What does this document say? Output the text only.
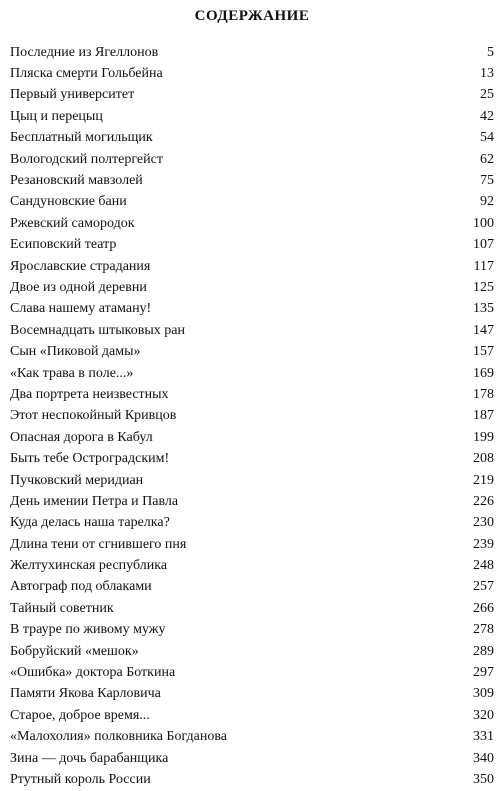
СОДЕРЖАНИЕ
Последние из Ягеллонов	5
Пляска смерти Гольбейна	13
Первый университет	25
Цыц и перецыц	42
Бесплатный могильщик	54
Вологодский полтергейст	62
Резановский мавзолей	75
Сандуновские бани	92
Ржевский самородок	100
Есиповский театр	107
Ярославские страдания	117
Двое из одной деревни	125
Слава нашему атаману!	135
Восемнадцать штыковых ран	147
Сын «Пиковой дамы»	157
«Как трава в поле...»	169
Два портрета неизвестных	178
Этот неспокойный Кривцов	187
Опасная дорога в Кабул	199
Быть тебе Остроградским!	208
Пучковский меридиан	219
День имении Петра и Павла	226
Куда делась наша тарелка?	230
Длина тени от сгнившего пня	239
Желтухинская республика	248
Автограф под облаками	257
Тайный советник	266
В трауре по живому мужу	278
Бобруйский «мешок»	289
«Ошибка» доктора Боткина	297
Памяти Якова Карловича	309
Старое, доброе время...	320
«Малохолия» полковника Богданова	331
Зина — дочь барабанщика	340
Ртутный король России	350
